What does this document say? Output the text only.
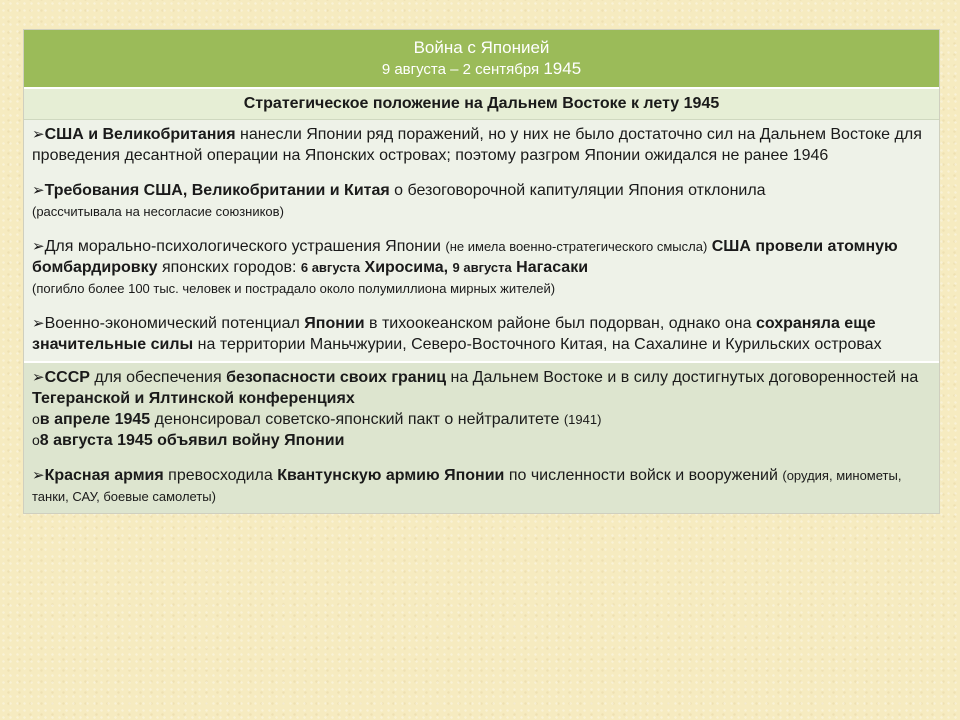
Война с Японией
9 августа – 2 сентября 1945
Стратегическое положение на Дальнем Востоке к лету 1945

➢США и Великобритания нанесли Японии ряд поражений, но у них не было достаточно сил на Дальнем Востоке для проведения десантной операции на Японских островах; поэтому разгром Японии ожидался не ранее 1946

➢Требования США, Великобритании и Китая о безоговорочной капитуляции Япония отклонила
(рассчитывала на несогласие союзников)

➢Для морально-психологического устрашения Японии (не имела военно-стратегического смысла) США провели атомную бомбардировку японских городов: 6 августа Хиросима, 9 августа Нагасаки
(погибло более 100 тыс. человек и пострадало около полумиллиона мирных жителей)

➢Военно-экономический потенциал Японии в тихоокеанском районе был подорван, однако она сохраняла еще значительные силы на территории Маньчжурии, Северо-Восточного Китая, на Сахалине и Курильских островах

➢СССР для обеспечения безопасности своих границ на Дальнем Востоке и в силу достигнутых договоренностей на Тегеранской и Ялтинской конференциях

oв апреле 1945 денонсировал советско-японский пакт о нейтралитете (1941)

o8 августа 1945 объявил войну Японии

➢Красная армия превосходила Квантунскую армию Японии по численности войск и вооружений (орудия, минометы, танки, САУ, боевые самолеты)
